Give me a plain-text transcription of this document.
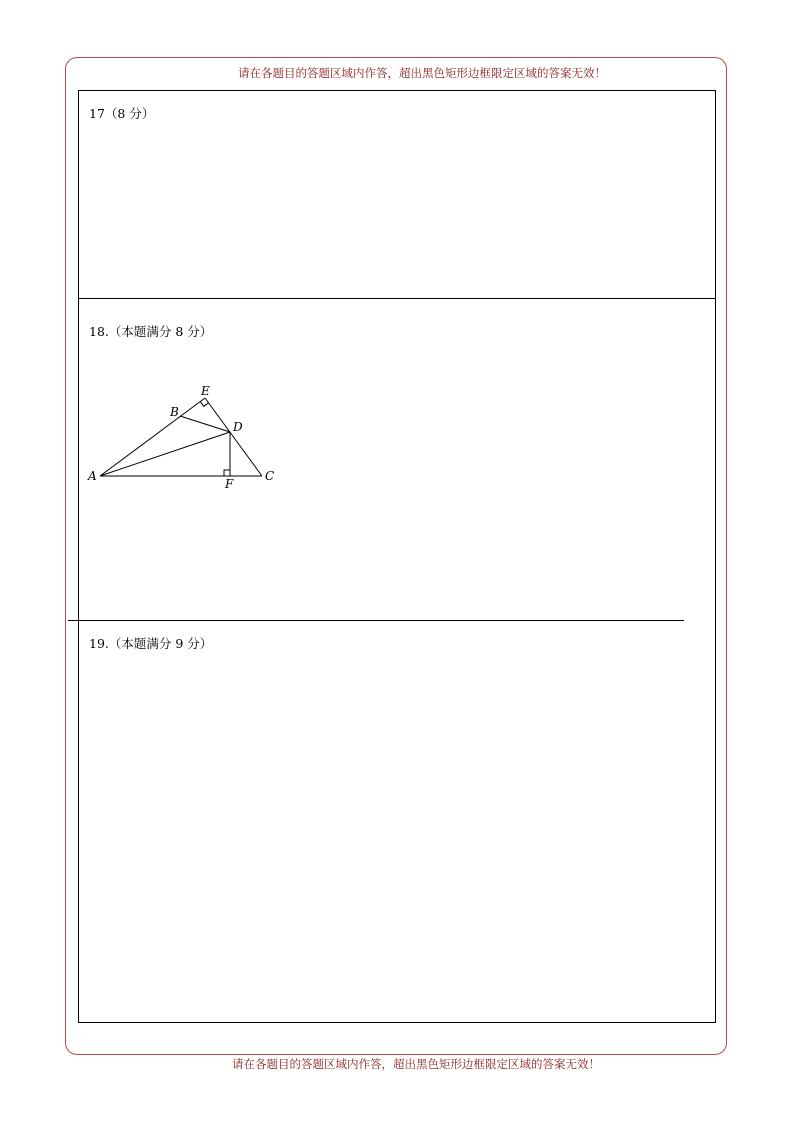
请在各题目的答题区域内作答，超出黑色矩形边框限定区域的答案无效！
17（8 分）
18.（本题满分 8 分）
19.（本题满分 9 分）
A
B
C
D
E
F
请在各题目的答题区域内作答，超出黑色矩形边框限定区域的答案无效！
